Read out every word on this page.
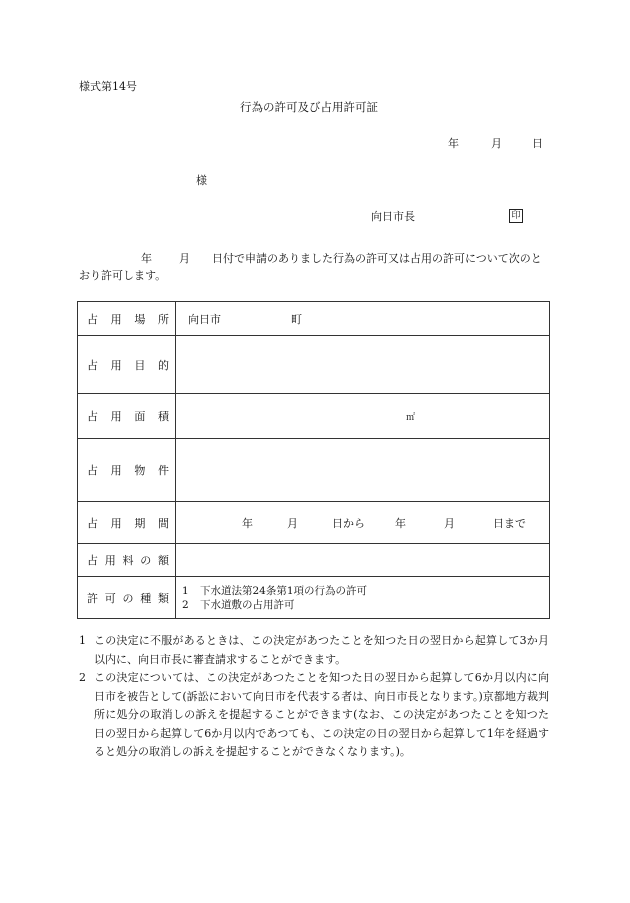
様式第14号
行為の許可及び占用許可証
年	月	日
様
向日市長	印
年 月 日付で申請のありました行為の許可又は占用の許可について次のとおり許可します。
占用場所	向日市 町
占用目的	
占用面積	㎡
占用物件	
占用期間	年 月 日から 年 月 日まで
占用料の額	
許可の種類	1 下水道法第24条第1項の行為の許可
2 下水道敷の占用許可
1 この決定に不服があるときは、この決定があつたことを知つた日の翌日から起算して3か月以内に、向日市長に審査請求することができます。
2 この決定については、この決定があつたことを知つた日の翌日から起算して6か月以内に向日市を被告として(訴訟において向日市を代表する者は、向日市長となります。)京都地方裁判所に処分の取消しの訴えを提起することができます(なお、この決定があつたことを知つた日の翌日から起算して6か月以内であつても、この決定の日の翌日から起算して1年を経過すると処分の取消しの訴えを提起することができなくなります。)。
